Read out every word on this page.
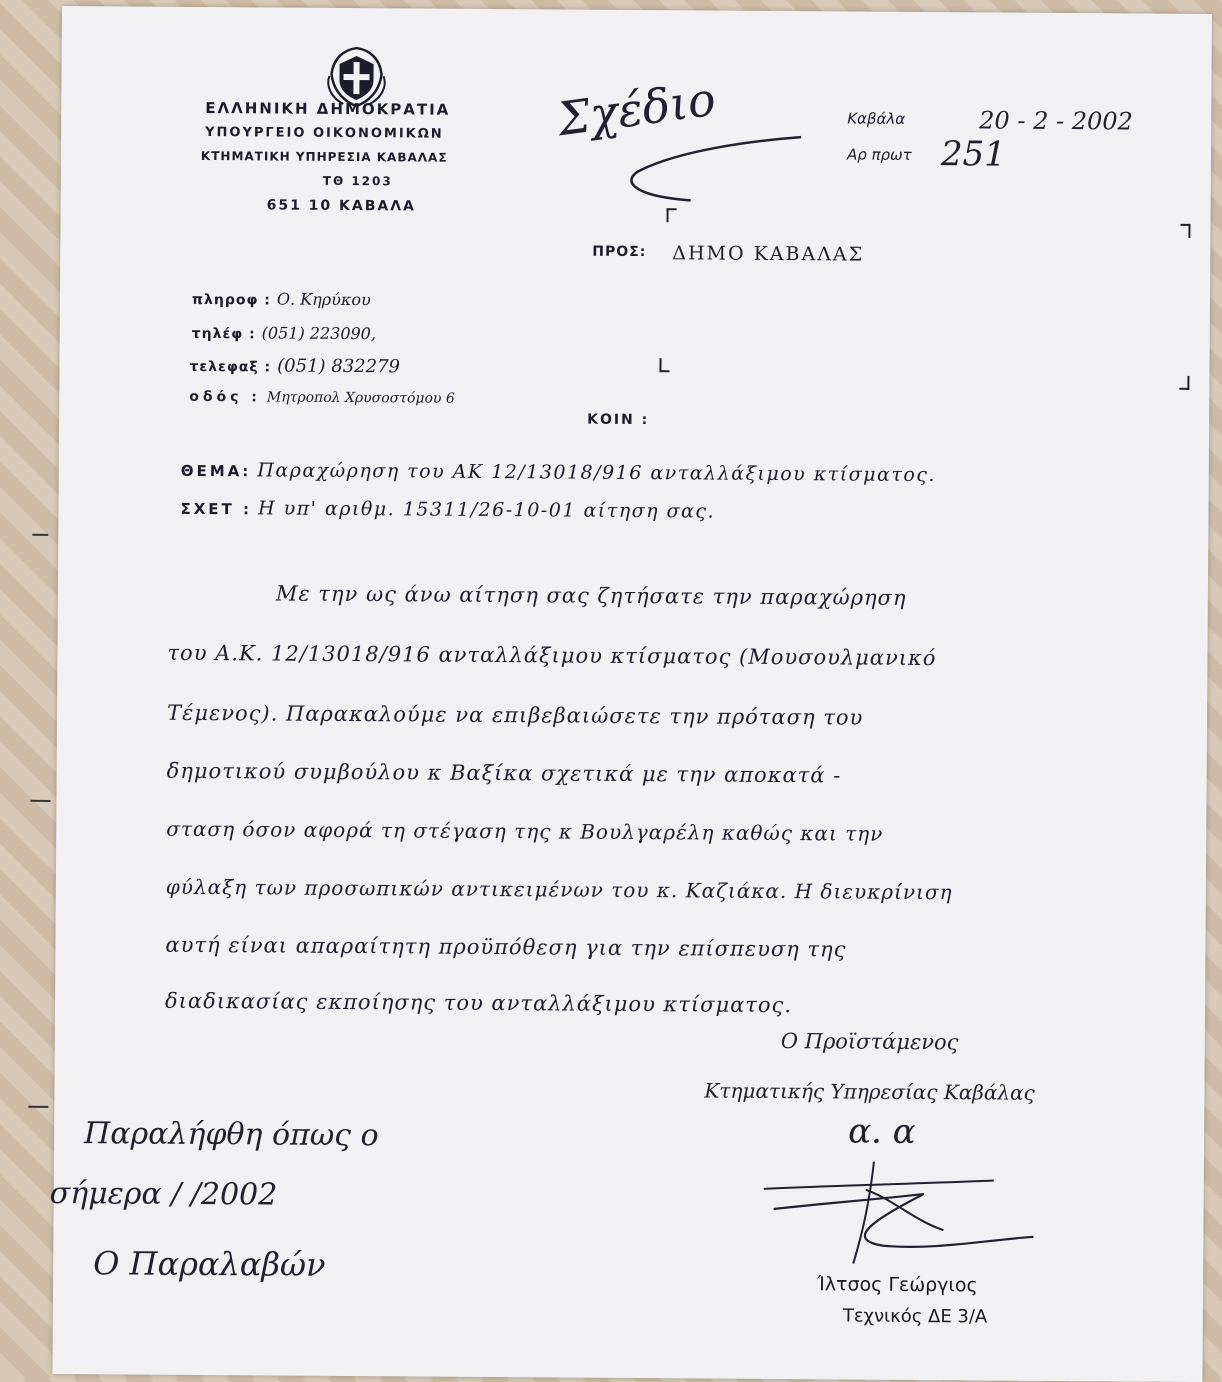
ΕΛΛΗΝΙΚΗ ΔΗΜΟΚΡΑΤΙΑ
ΥΠΟΥΡΓΕΙΟ ΟΙΚΟΝΟΜΙΚΩΝ
ΚΤΗΜΑΤΙΚΗ ΥΠΗΡΕΣΙΑ ΚΑΒΑΛΑΣ
ΤΘ 1203
651 10 ΚΑΒΑΛΑ
Σχέδιο	Καβάλα	20 - 2 - 2002
Αρ πρωτ 251
ΠΡΟΣ: ΔΗΜΟ ΚΑΒΑΛΑΣ
ΚΟΙΝ :
πληροφ : Ο. Κηρύκου
τηλέφ : (051) 223090,
τελεφαξ : (051) 832279
οδός : Μητροπολ Χρυσοστόμου 6
ΘΕΜΑ: Παραχώρηση του ΑΚ 12/13018/916 ανταλλάξιμου κτίσματος.
ΣΧΕΤ : Η υπ' αριθμ. 15311/26-10-01 αίτηση σας.
Με την ως άνω αίτηση σας ζητήσατε την παραχώρηση
του Α.Κ. 12/13018/916 ανταλλάξιμου κτίσματος (Μουσουλμανικό
Τέμενος). Παρακαλούμε να επιβεβαιώσετε την πρόταση του
δημοτικού συμβούλου κ Βαξίκα σχετικά με την αποκατά -
σταση όσον αφορά τη στέγαση της κ Βουλγαρέλη καθώς και την
φύλαξη των προσωπικών αντικειμένων του κ. Καζιάκα. Η διευκρίνιση
αυτή είναι απαραίτητη προϋπόθεση για την επίσπευση της
διαδικασίας εκποίησης του ανταλλάξιμου κτίσματος.
Ο Προϊστάμενος
Κτηματικής Υπηρεσίας Καβάλας
α. α
Ίλτσος Γεώργιος
Τεχνικός ΔΕ 3/Α
Παραλήφθη όπως ο
σήμερα / /2002
Ο Παραλαβών
